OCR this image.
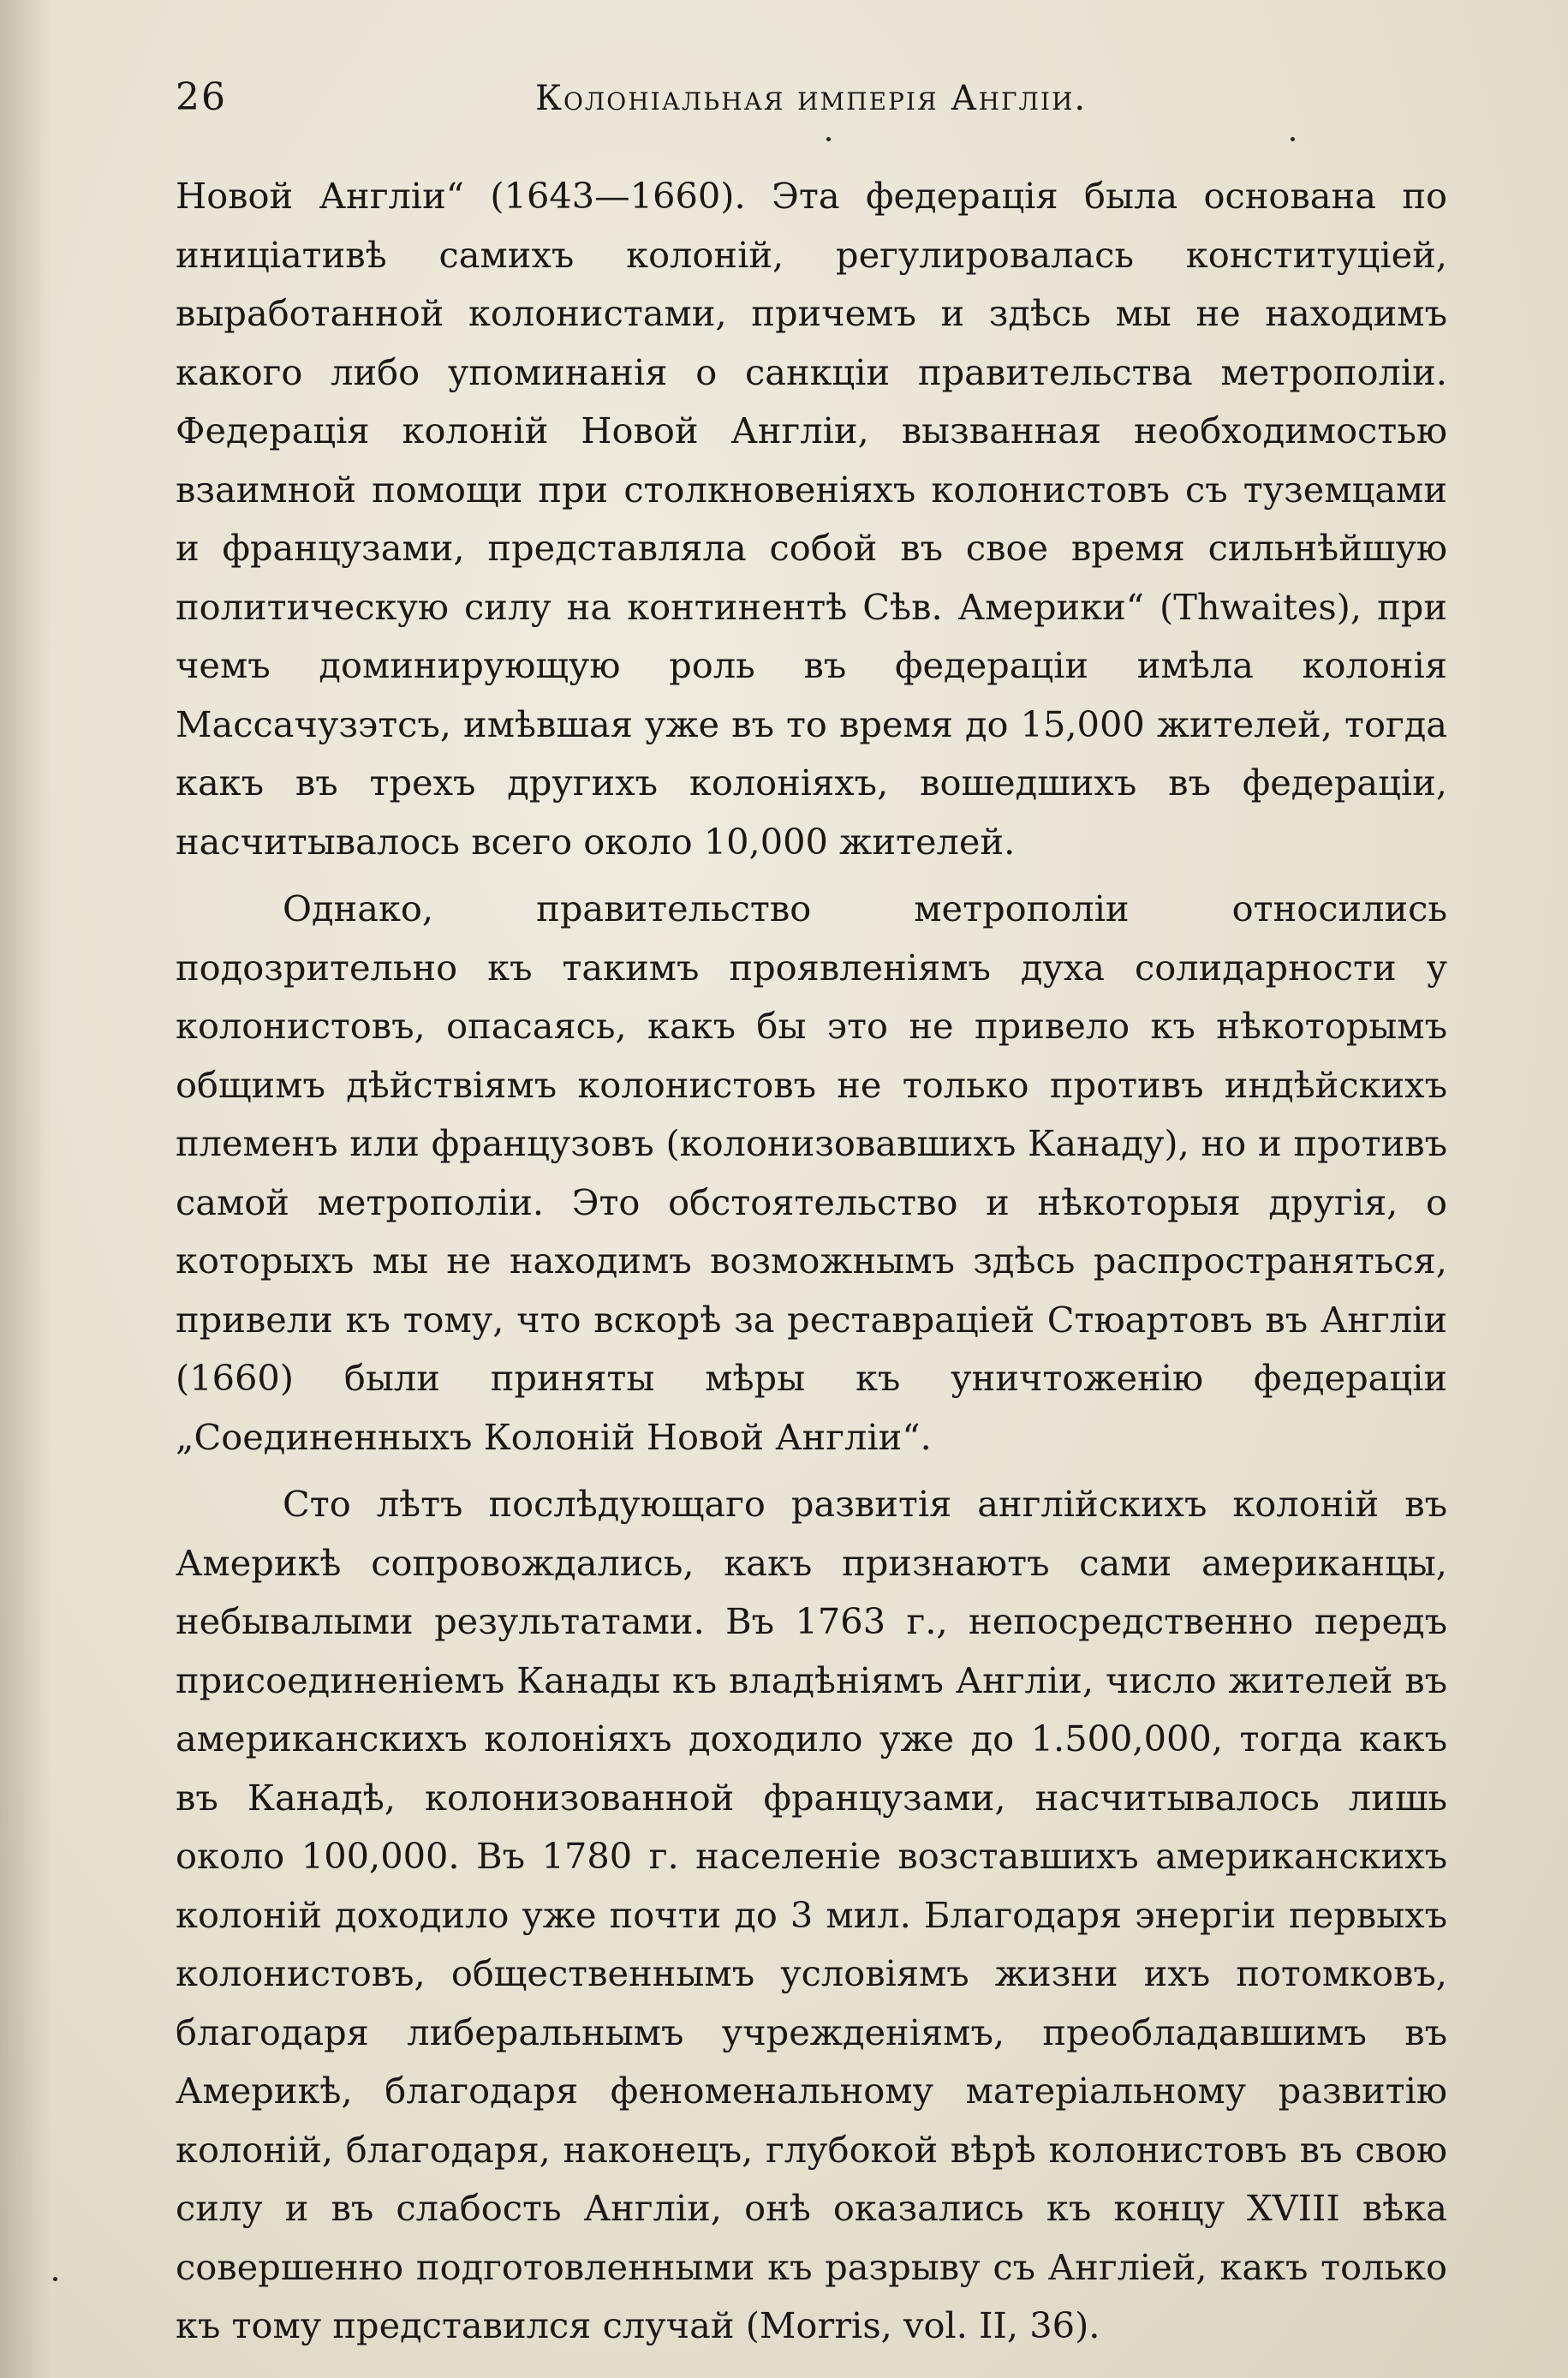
26	Колоніальная имперія Англіи.

Новой Англіи“ (1643—1660). Эта федерація была основана по иниціативѣ самихъ колоній, регулировалась конституціей, выработанной колонистами, причемъ и здѣсь мы не находимъ какого либо упоминанія о санкціи правительства метрополіи. Федерація колоній Новой Англіи, вызванная необходимостью взаимной помощи при столкновеніяхъ колонистовъ съ туземцами и французами, представляла собой въ свое время сильнѣйшую политическую силу на континентѣ Сѣв. Америки“ (Thwaites), при чемъ доминирующую роль въ федераціи имѣла колонія Массачузэтсъ, имѣвшая уже въ то время до 15,000 жителей, тогда какъ въ трехъ другихъ колоніяхъ, вошедшихъ въ федераціи, насчитывалось всего около 10,000 жителей.

Однако, правительство метрополіи относились подозрительно къ такимъ проявленіямъ духа солидарности у колонистовъ, опасаясь, какъ бы это не привело къ нѣкоторымъ общимъ дѣйствіямъ колонистовъ не только противъ индѣйскихъ племенъ или французовъ (колонизовавшихъ Канаду), но и противъ самой метрополіи. Это обстоятельство и нѣкоторыя другія, о которыхъ мы не находимъ возможнымъ здѣсь распространяться, привели къ тому, что вскорѣ за реставраціей Стюартовъ въ Англіи (1660) были приняты мѣры къ уничтоженію федераціи „Соединенныхъ Колоній Новой Англіи“.

Сто лѣтъ послѣдующаго развитія англійскихъ колоній въ Америкѣ сопровождались, какъ признаютъ сами американцы, небывалыми результатами. Въ 1763 г., непосредственно передъ присоединеніемъ Канады къ владѣніямъ Англіи, число жителей въ американскихъ колоніяхъ доходило уже до 1.500,000, тогда какъ въ Канадѣ, колонизованной французами, насчитывалось лишь около 100,000. Въ 1780 г. населеніе возставшихъ американскихъ колоній доходило уже почти до 3 мил. Благодаря энергіи первыхъ колонистовъ, общественнымъ условіямъ жизни ихъ потомковъ, благодаря либеральнымъ учрежденіямъ, преобладавшимъ въ Америкѣ, благодаря феноменальному матеріальному развитію колоній, благодаря, наконецъ, глубокой вѣрѣ колонистовъ въ свою силу и въ слабость Англіи, онѣ оказались къ концу XVIII вѣка совершенно подготовленными къ разрыву съ Англіей, какъ только къ тому представился случай (Morris, vol. II, 36).
